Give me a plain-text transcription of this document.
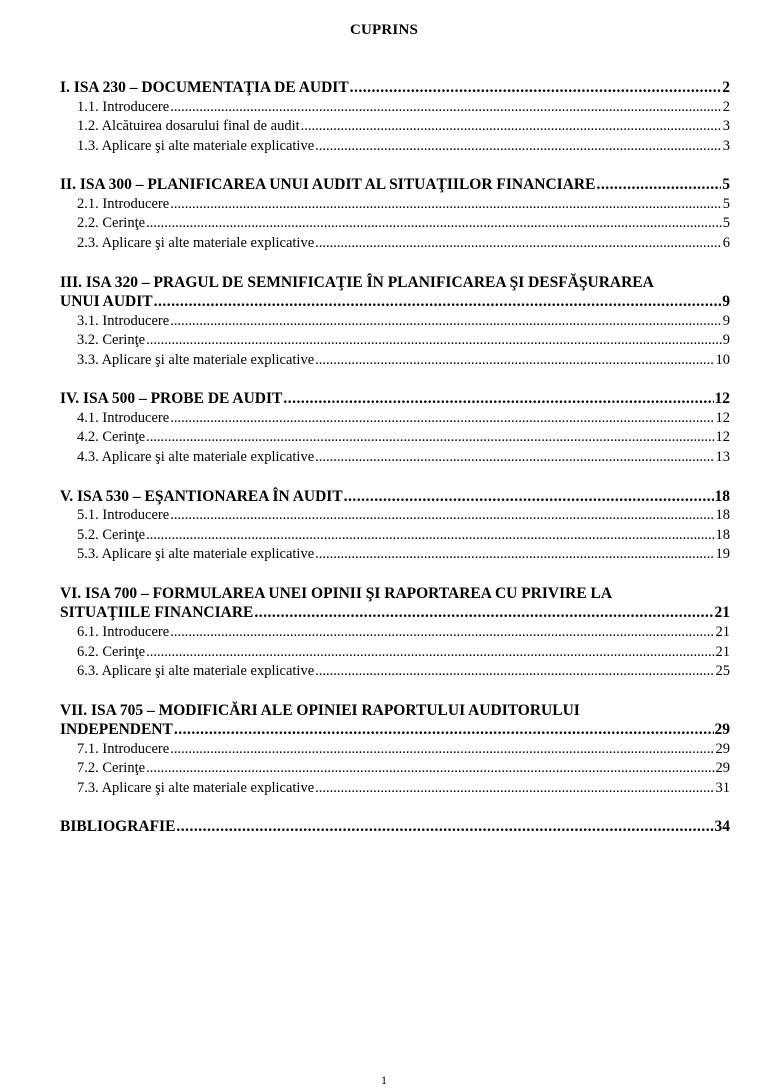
CUPRINS
I. ISA 230 – DOCUMENTAŢIA DE AUDIT .....	2
1.1. Introducere .....	2
1.2. Alcătuirea dosarului final de audit .....	3
1.3. Aplicare şi alte materiale explicative .....	3
II. ISA 300 – PLANIFICAREA UNUI AUDIT AL SITUAŢIILOR FINANCIARE .....	5
2.1. Introducere .....	5
2.2. Cerinţe .....	5
2.3. Aplicare şi alte materiale explicative .....	6
III. ISA 320 – PRAGUL DE SEMNIFICAŢIE ÎN PLANIFICAREA ŞI DESFĂŞURAREA
UNUI AUDIT .....	9
3.1. Introducere .....	9
3.2. Cerinţe .....	9
3.3. Aplicare şi alte materiale explicative .....	10
IV. ISA 500 – PROBE DE AUDIT .....	12
4.1. Introducere .....	12
4.2. Cerinţe .....	12
4.3. Aplicare şi alte materiale explicative .....	13
V. ISA 530 – EŞANTIONAREA ÎN AUDIT .....	18
5.1. Introducere .....	18
5.2. Cerinţe .....	18
5.3. Aplicare şi alte materiale explicative .....	19
VI. ISA 700 – FORMULAREA UNEI OPINII ŞI RAPORTAREA CU PRIVIRE LA
SITUAŢIILE FINANCIARE .....	21
6.1. Introducere .....	21
6.2. Cerinţe .....	21
6.3. Aplicare şi alte materiale explicative .....	25
VII. ISA 705 – MODIFICĂRI ALE OPINIEI RAPORTULUI AUDITORULUI
INDEPENDENT .....	29
7.1. Introducere .....	29
7.2. Cerinţe .....	29
7.3. Aplicare şi alte materiale explicative .....	31
BIBLIOGRAFIE .....	34
1
